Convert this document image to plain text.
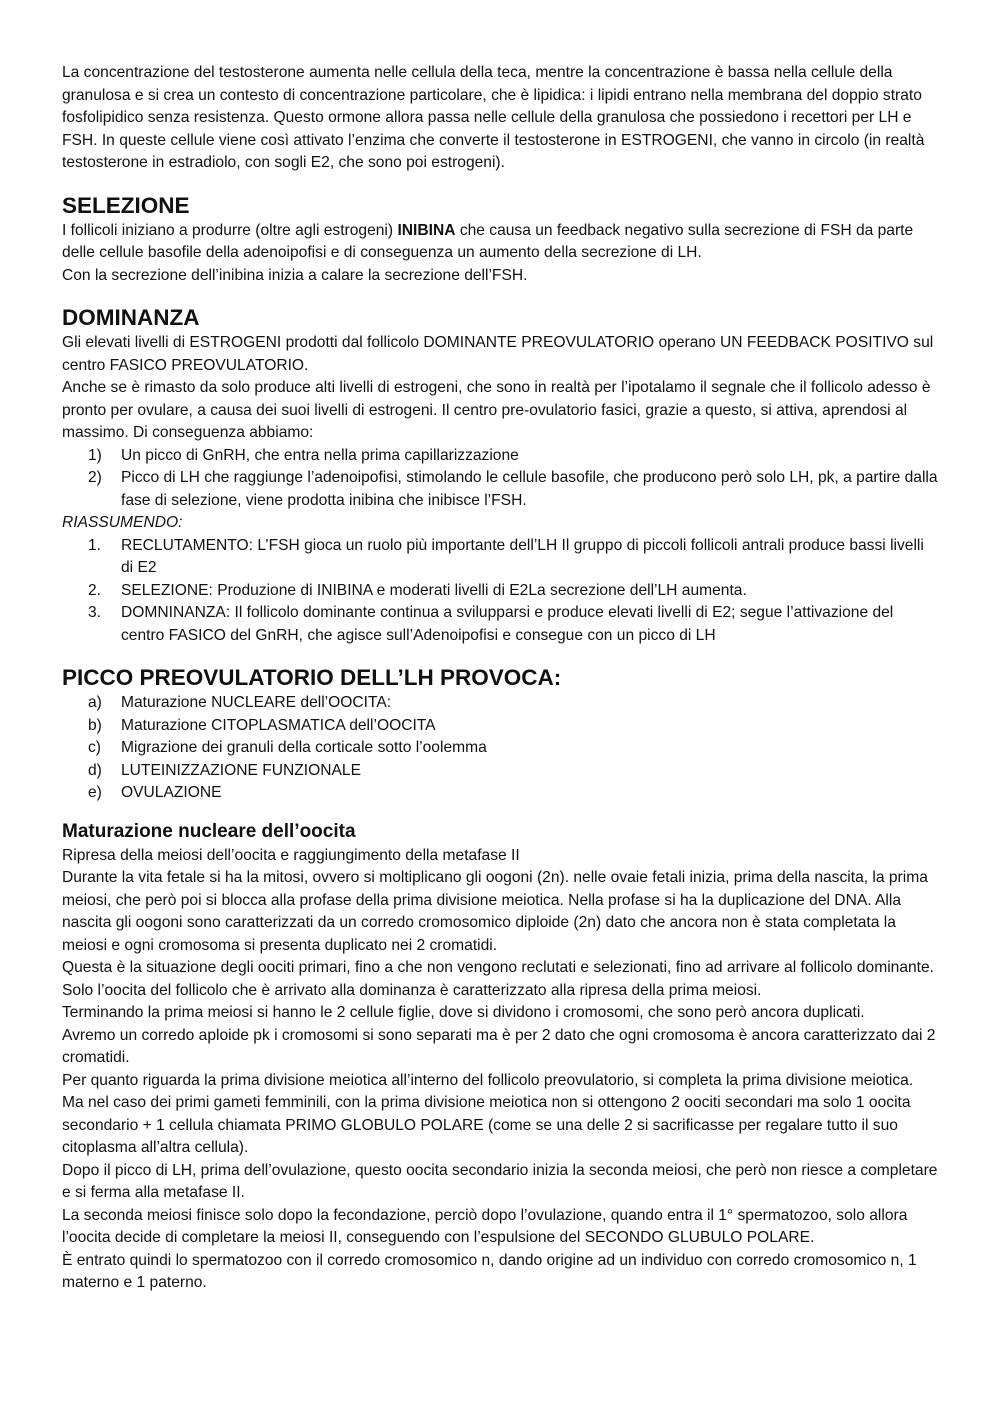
La concentrazione del testosterone aumenta nelle cellula della teca, mentre la concentrazione è bassa nella cellule della granulosa e si crea un contesto di concentrazione particolare, che è lipidica: i lipidi entrano nella membrana del doppio strato fosfolipidico senza resistenza. Questo ormone allora passa nelle cellule della granulosa che possiedono i recettori per LH e FSH. In queste cellule viene così attivato l’enzima che converte il testosterone in ESTROGENI, che vanno in circolo (in realtà testosterone in estradiolo, con sogli E2, che sono poi estrogeni).

SELEZIONE

I follicoli iniziano a produrre (oltre agli estrogeni) INIBINA che causa un feedback negativo sulla secrezione di FSH da parte delle cellule basofile della adenoipofisi e di conseguenza un aumento della secrezione di LH.

Con la secrezione dell’inibina inizia a calare la secrezione dell’FSH.

DOMINANZA

Gli elevati livelli di ESTROGENI prodotti dal follicolo DOMINANTE PREOVULATORIO operano UN FEEDBACK POSITIVO sul centro FASICO PREOVULATORIO.

Anche se è rimasto da solo produce alti livelli di estrogeni, che sono in realtà per l’ipotalamo il segnale che il follicolo adesso è pronto per ovulare, a causa dei suoi livelli di estrogeni. Il centro pre-ovulatorio fasici, grazie a questo, si attiva, aprendosi al massimo. Di conseguenza abbiamo:

1) Un picco di GnRH, che entra nella prima capillarizzazione
2) Picco di LH che raggiunge l’adenoipofisi, stimolando le cellule basofile, che producono però solo LH, pk, a partire dalla fase di selezione, viene prodotta inibina che inibisce l’FSH.

RIASSUMENDO:

1. RECLUTAMENTO: L’FSH gioca un ruolo più importante dell’LH Il gruppo di piccoli follicoli antrali produce bassi livelli di E2
2. SELEZIONE: Produzione di INIBINA e moderati livelli di E2La secrezione dell’LH aumenta.
3. DOMNINANZA: Il follicolo dominante continua a svilupparsi e produce elevati livelli di E2; segue l’attivazione del centro FASICO del GnRH, che agisce sull’Adenoipofisi e consegue con un picco di LH
PICCO PREOVULATORIO DELL’LH PROVOCA:
a) Maturazione NUCLEARE dell’OOCITA:
b) Maturazione CITOPLASMATICA dell’OOCITA
c) Migrazione dei granuli della corticale sotto l’oolemma
d) LUTEINIZZAZIONE FUNZIONALE
e) OVULAZIONE
Maturazione nucleare dell’oocita

Ripresa della meiosi dell’oocita e raggiungimento della metafase II

Durante la vita fetale si ha la mitosi, ovvero si moltiplicano gli oogoni (2n). nelle ovaie fetali inizia, prima della nascita, la prima meiosi, che però poi si blocca alla profase della prima divisione meiotica. Nella profase si ha la duplicazione del DNA. Alla nascita gli oogoni sono caratterizzati da un corredo cromosomico diploide (2n) dato che ancora non è stata completata la meiosi e ogni cromosoma si presenta duplicato nei 2 cromatidi.

Questa è la situazione degli oociti primari, fino a che non vengono reclutati e selezionati, fino ad arrivare al follicolo dominante. Solo l’oocita del follicolo che è arrivato alla dominanza è caratterizzato alla ripresa della prima meiosi.

Terminando la prima meiosi si hanno le 2 cellule figlie, dove si dividono i cromosomi, che sono però ancora duplicati.

Avremo un corredo aploide pk i cromosomi si sono separati ma è per 2 dato che ogni cromosoma è ancora caratterizzato dai 2 cromatidi.

Per quanto riguarda la prima divisione meiotica all’interno del follicolo preovulatorio, si completa la prima divisione meiotica. Ma nel caso dei primi gameti femminili, con la prima divisione meiotica non si ottengono 2 oociti secondari ma solo 1 oocita secondario + 1 cellula chiamata PRIMO GLOBULO POLARE (come se una delle 2 si sacrificasse per regalare tutto il suo citoplasma all’altra cellula).

Dopo il picco di LH, prima dell’ovulazione, questo oocita secondario inizia la seconda meiosi, che però non riesce a completare e si ferma alla metafase II.

La seconda meiosi finisce solo dopo la fecondazione, perciò dopo l’ovulazione, quando entra il 1° spermatozoo, solo allora l’oocita decide di completare la meiosi II, conseguendo con l’espulsione del SECONDO GLUBULO POLARE.

È entrato quindi lo spermatozoo con il corredo cromosomico n, dando origine ad un individuo con corredo cromosomico n, 1 materno e 1 paterno.
